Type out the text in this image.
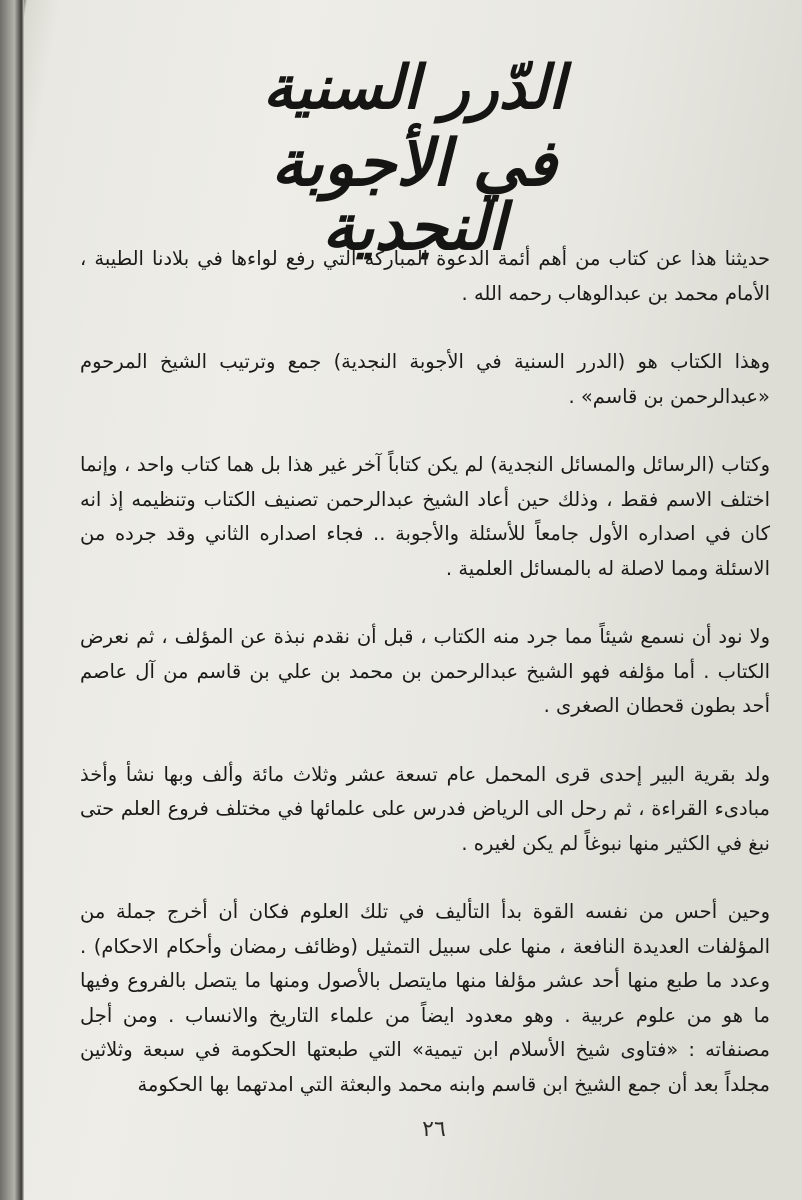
الدّرر السنية
في الأجوبة النجدية

حديثنا هذا عن كتاب من أهم أئمة الدعوة المباركة التي رفع لواءها في بلادنا الطيبة ، الأمام محمد بن عبدالوهاب رحمه الله .

وهذا الكتاب هو (الدرر السنية في الأجوبة النجدية) جمع وترتيب الشيخ المرحوم «عبدالرحمن بن قاسم» .

وكتاب (الرسائل والمسائل النجدية) لم يكن كتاباً آخر غير هذا بل هما كتاب واحد ، وإنما اختلف الاسم فقط ، وذلك حين أعاد الشيخ عبدالرحمن تصنيف الكتاب وتنظيمه إذ انه كان في اصداره الأول جامعاً للأسئلة والأجوبة .. فجاء اصداره الثاني وقد جرده من الاسئلة ومما لاصلة له بالمسائل العلمية .

ولا نود أن نسمع شيئاً مما جرد منه الكتاب ، قبل أن نقدم نبذة عن المؤلف ، ثم نعرض الكتاب . أما مؤلفه فهو الشيخ عبدالرحمن بن محمد بن علي بن قاسم من آل عاصم أحد بطون قحطان الصغرى .

ولد بقرية البير إحدى قرى المحمل عام تسعة عشر وثلاث مائة وألف وبها نشأ وأخذ مبادىء القراءة ، ثم رحل الى الرياض فدرس على علمائها في مختلف فروع العلم حتى نبغ في الكثير منها نبوغاً لم يكن لغيره .

وحين أحس من نفسه القوة بدأ التأليف في تلك العلوم فكان أن أخرج جملة من المؤلفات العديدة النافعة ، منها على سبيل التمثيل (وظائف رمضان وأحكام الاحكام) . وعدد ما طبع منها أحد عشر مؤلفا منها مايتصل بالأصول ومنها ما يتصل بالفروع وفيها ما هو من علوم عربية . وهو معدود ايضاً من علماء التاريخ والانساب . ومن أجل مصنفاته : «فتاوى شيخ الأسلام ابن تيمية» التي طبعتها الحكومة في سبعة وثلاثين مجلداً بعد أن جمع الشيخ ابن قاسم وابنه محمد والبعثة التي امدتهما بها الحكومة

٢٦
